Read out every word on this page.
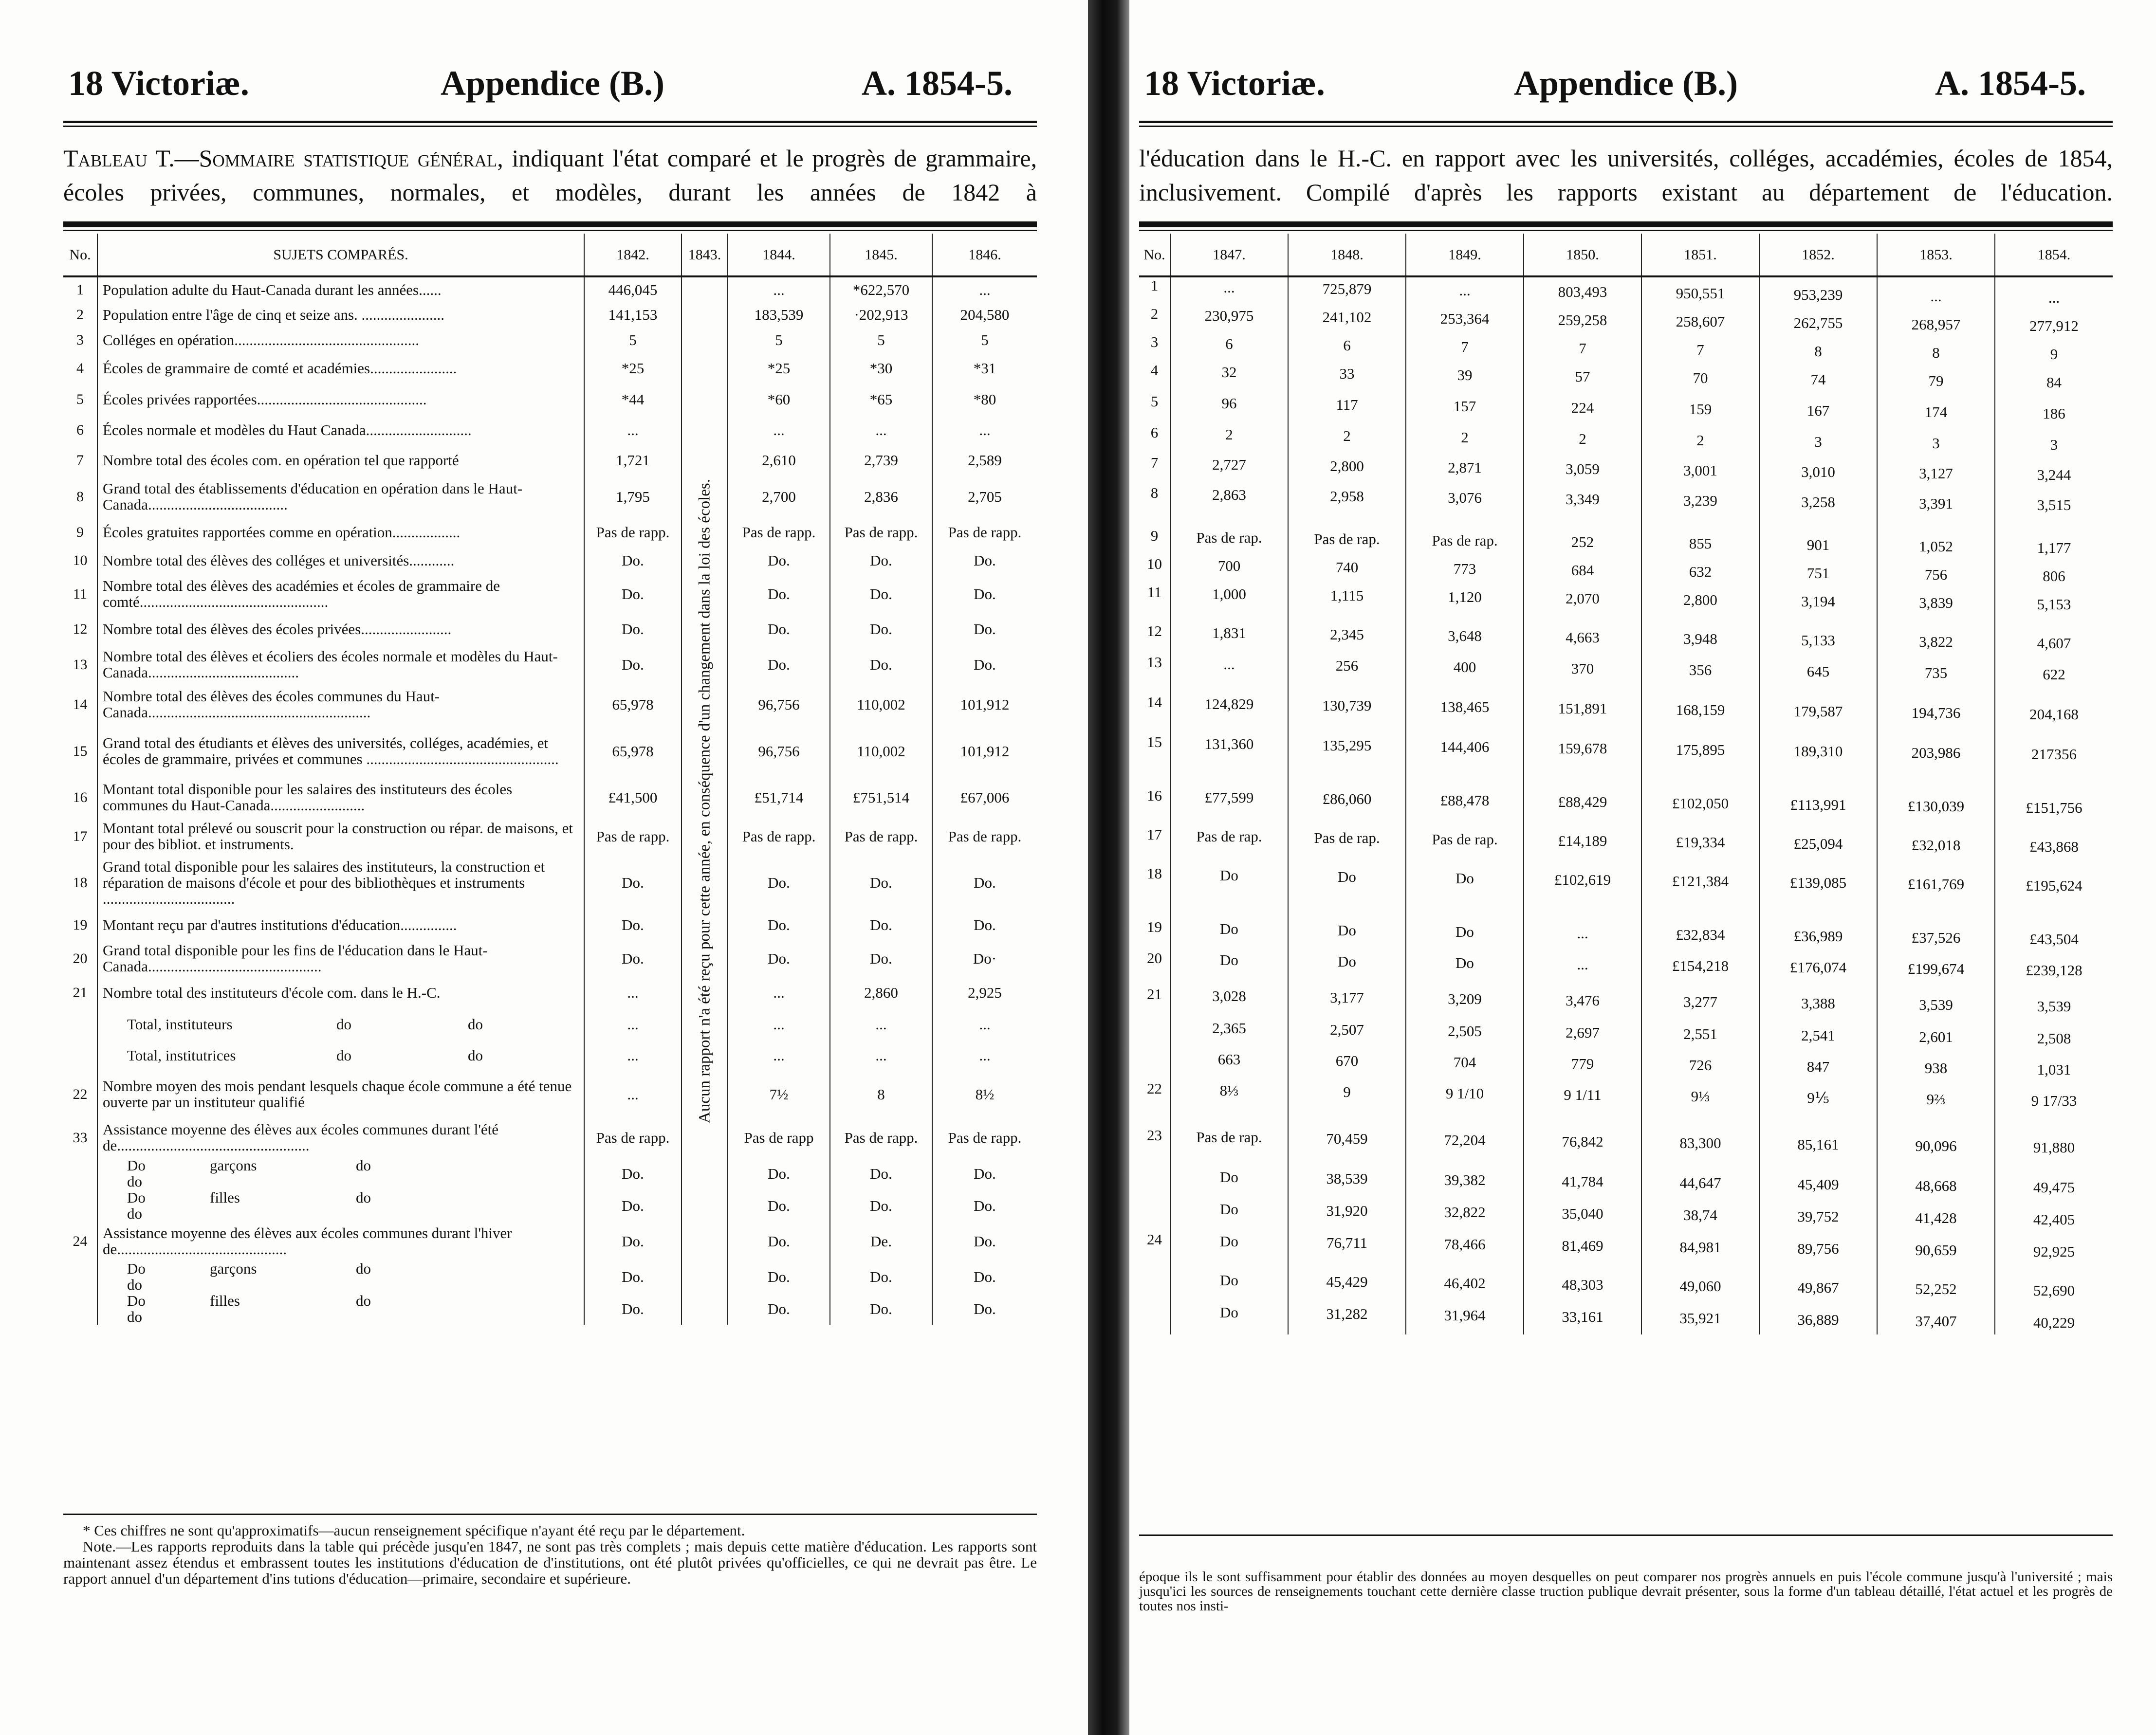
18 Victoriæ.	Appendice (B.)	A. 1854-5.
Tableau T.—Sommaire statistique général, indiquant l'état comparé et le progrès de grammaire, écoles privées, communes, normales, et modèles, durant les années de 1842 à
No.	SUJETS COMPARÉS.	1842.	1843.	1844.	1845.	1846.
1	Population adulte du Haut-Canada durant les années......	446,045	Aucun rapport n'a été reçu pour cette année, en conséquence d'un changement dans la loi des écoles.	...	*622,570	...
2	Population entre l'âge de cinq et seize ans. ......................	141,153		183,539	·202,913	204,580
3	Colléges en opération.................................................	5		5	5	5
4	Écoles de grammaire de comté et académies.......................	*25		*25	*30	*31
5	Écoles privées rapportées.............................................	*44		*60	*65	*80
6	Écoles normale et modèles du Haut Canada............................	...		...	...	...
7	Nombre total des écoles com. en opération tel que rapporté	1,721		2,610	2,739	2,589
8	Grand total des établissements d'éducation en opération dans le Haut-Canada.....................................	1,795		2,700	2,836	2,705
9	Écoles gratuites rapportées comme en opération..................	Pas de rapp.		Pas de rapp.	Pas de rapp.	Pas de rapp.
10	Nombre total des élèves des colléges et universités............	Do.		Do.	Do.	Do.
11	Nombre total des élèves des académies et écoles de grammaire de comté..................................................	Do.		Do.	Do.	Do.
12	Nombre total des élèves des écoles privées........................	Do.		Do.	Do.	Do.
13	Nombre total des élèves et écoliers des écoles normale et modèles du Haut-Canada........................................	Do.		Do.	Do.	Do.
14	Nombre total des élèves des écoles communes du Haut-Canada...........................................................	65,978		96,756	110,002	101,912
15	Grand total des étudiants et élèves des universités, colléges, académies, et écoles de grammaire, privées et communes ...................................................	65,978		96,756	110,002	101,912
16	Montant total disponible pour les salaires des instituteurs des écoles communes du Haut-Canada.........................	£41,500		£51,714	£751,514	£67,006
17	Montant total prélevé ou souscrit pour la construction ou répar. de maisons, et pour des bibliot. et instruments.	Pas de rapp.		Pas de rapp.	Pas de rapp.	Pas de rapp.
18	Grand total disponible pour les salaires des instituteurs, la construction et réparation de maisons d'école et pour des bibliothèques et instruments ...................................	Do.		Do.	Do.	Do.
19	Montant reçu par d'autres institutions d'éducation...............	Do.		Do.	Do.	Do.
20	Grand total disponible pour les fins de l'éducation dans le Haut-Canada..............................................	Do.		Do.	Do.	Do·
21	Nombre total des instituteurs d'école com. dans le H.-C.	...		...	2,860	2,925
	Total, instituteurs do do	...		...	...	...
	Total, institutrices do do	...		...	...	...
22	Nombre moyen des mois pendant lesquels chaque école commune a été tenue ouverte par un instituteur qualifié	...		7½	8	8½
33	Assistance moyenne des élèves aux écoles communes durant l'été de...................................................	Pas de rapp.		Pas de rapp	Pas de rapp.	Pas de rapp.
	Do garçons dodo	Do.		Do.	Do.	Do.
	Do filles dodo	Do.		Do.	Do.	Do.
24	Assistance moyenne des élèves aux écoles communes durant l'hiver de.............................................	Do.		Do.	De.	Do.
	Do garçons dodo	Do.		Do.	Do.	Do.
	Do filles dodo	Do.		Do.	Do.	Do.

* Ces chiffres ne sont qu'approximatifs—aucun renseignement spécifique n'ayant été reçu par le département.

Note.—Les rapports reproduits dans la table qui précède jusqu'en 1847, ne sont pas très complets ; mais depuis cette matière d'éducation. Les rapports sont maintenant assez étendus et embrassent toutes les institutions d'éducation de d'institutions, ont été plutôt privées qu'officielles, ce qui ne devrait pas être. Le rapport annuel d'un département d'ins tutions d'éducation—primaire, secondaire et supérieure.

18 Victoriæ.	Appendice (B.)	A. 1854-5.
l'éducation dans le H.-C. en rapport avec les universités, colléges, accadémies, écoles de 1854, inclusivement. Compilé d'après les rapports existant au département de l'éducation.
No.	1847.	1848.	1849.	1850.	1851.	1852.	1853.	1854.
1	...	725,879	...	803,493	950,551	953,239	...	...
2	230,975	241,102	253,364	259,258	258,607	262,755	268,957	277,912
3	6	6	7	7	7	8	8	9
4	32	33	39	57	70	74	79	84
5	96	117	157	224	159	167	174	186
6	2	2	2	2	2	3	3	3
7	2,727	2,800	2,871	3,059	3,001	3,010	3,127	3,244
8	2,863	2,958	3,076	3,349	3,239	3,258	3,391	3,515
9	Pas de rap.	Pas de rap.	Pas de rap.	252	855	901	1,052	1,177
10	700	740	773	684	632	751	756	806
11	1,000	1,115	1,120	2,070	2,800	3,194	3,839	5,153
12	1,831	2,345	3,648	4,663	3,948	5,133	3,822	4,607
13	...	256	400	370	356	645	735	622
14	124,829	130,739	138,465	151,891	168,159	179,587	194,736	204,168
15	131,360	135,295	144,406	159,678	175,895	189,310	203,986	217356
16	£77,599	£86,060	£88,478	£88,429	£102,050	£113,991	£130,039	£151,756
17	Pas de rap.	Pas de rap.	Pas de rap.	£14,189	£19,334	£25,094	£32,018	£43,868
18	Do	Do	Do	£102,619	£121,384	£139,085	£161,769	£195,624
19	Do	Do	Do	...	£32,834	£36,989	£37,526	£43,504
20	Do	Do	Do	...	£154,218	£176,074	£199,674	£239,128
21	3,028	3,177	3,209	3,476	3,277	3,388	3,539	3,539
	2,365	2,507	2,505	2,697	2,551	2,541	2,601	2,508
	663	670	704	779	726	847	938	1,031
22	8⅓	9	9 1/10	9 1/11	9⅓	9⅕	9⅔	9 17/33
23	Pas de rap.	70,459	72,204	76,842	83,300	85,161	90,096	91,880
	Do	38,539	39,382	41,784	44,647	45,409	48,668	49,475
	Do	31,920	32,822	35,040	38,74	39,752	41,428	42,405
24	Do	76,711	78,466	81,469	84,981	89,756	90,659	92,925
	Do	45,429	46,402	48,303	49,060	49,867	52,252	52,690
	Do	31,282	31,964	33,161	35,921	36,889	37,407	40,229
époque ils le sont suffisamment pour établir des données au moyen desquelles on peut comparer nos progrès annuels en puis l'école commune jusqu'à l'université ; mais jusqu'ici les sources de renseignements touchant cette dernière classe truction publique devrait présenter, sous la forme d'un tableau détaillé, l'état actuel et les progrès de toutes nos insti-
